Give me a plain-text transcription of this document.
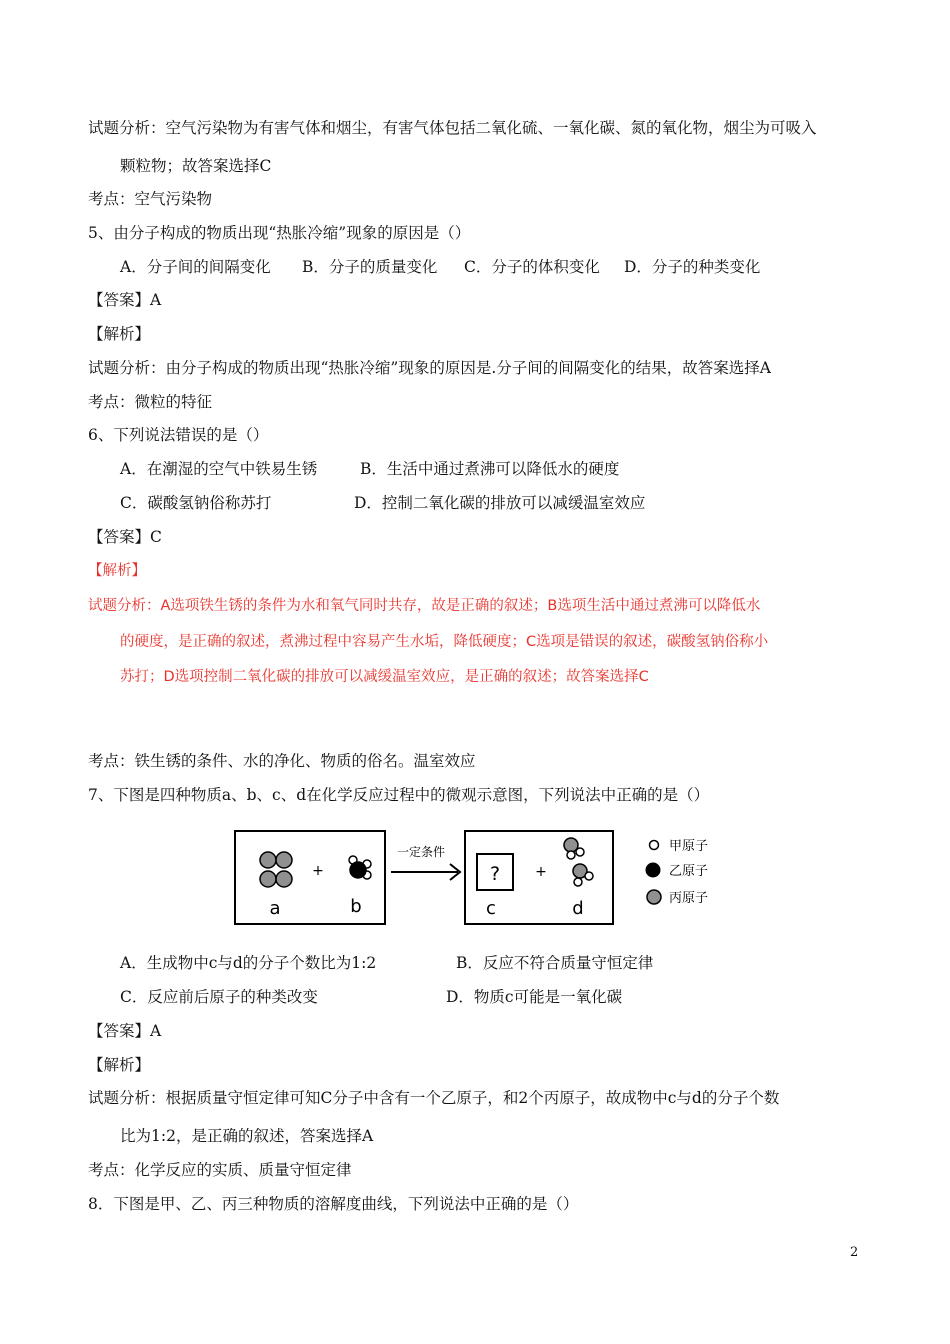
试题分析：空气污染物为有害气体和烟尘，有害气体包括二氧化硫、一氧化碳、氮的氧化物，烟尘为可吸入
颗粒物；故答案选择C
考点：空气污染物
5、由分子构成的物质出现“热胀冷缩”现象的原因是（）
A．分子间的间隔变化 B．分子的质量变化 C．分子的体积变化 D．分子的种类变化
【答案】A
【解析】
试题分析：由分子构成的物质出现“热胀冷缩”现象的原因是.分子间的间隔变化的结果，故答案选择A
考点：微粒的特征
6、下列说法错误的是（）
A．在潮湿的空气中铁易生锈	B．生活中通过煮沸可以降低水的硬度
C．碳酸氢钠俗称苏打	D．控制二氧化碳的排放可以减缓温室效应
【答案】C
【解析】
试题分析：A选项铁生锈的条件为水和氧气同时共存，故是正确的叙述；B选项生活中通过煮沸可以降低水
的硬度，是正确的叙述，煮沸过程中容易产生水垢，降低硬度；C选项是错误的叙述，碳酸氢钠俗称小
苏打；D选项控制二氧化碳的排放可以减缓温室效应，是正确的叙述；故答案选择C
考点：铁生锈的条件、水的净化、物质的俗名。温室效应
7、下图是四种物质a、b、c、d在化学反应过程中的微观示意图，下列说法中正确的是（）
+
a	b
一定条件
?	+
c	d
甲原子
乙原子
丙原子
A．生成物中c与d的分子个数比为1:2	B．反应不符合质量守恒定律
C．反应前后原子的种类改变	D．物质c可能是一氧化碳
【答案】A
【解析】
试题分析：根据质量守恒定律可知C分子中含有一个乙原子，和2个丙原子，故成物中c与d的分子个数
比为1:2，是正确的叙述，答案选择A
考点：化学反应的实质、质量守恒定律
8．下图是甲、乙、丙三种物质的溶解度曲线，下列说法中正确的是（）
2
